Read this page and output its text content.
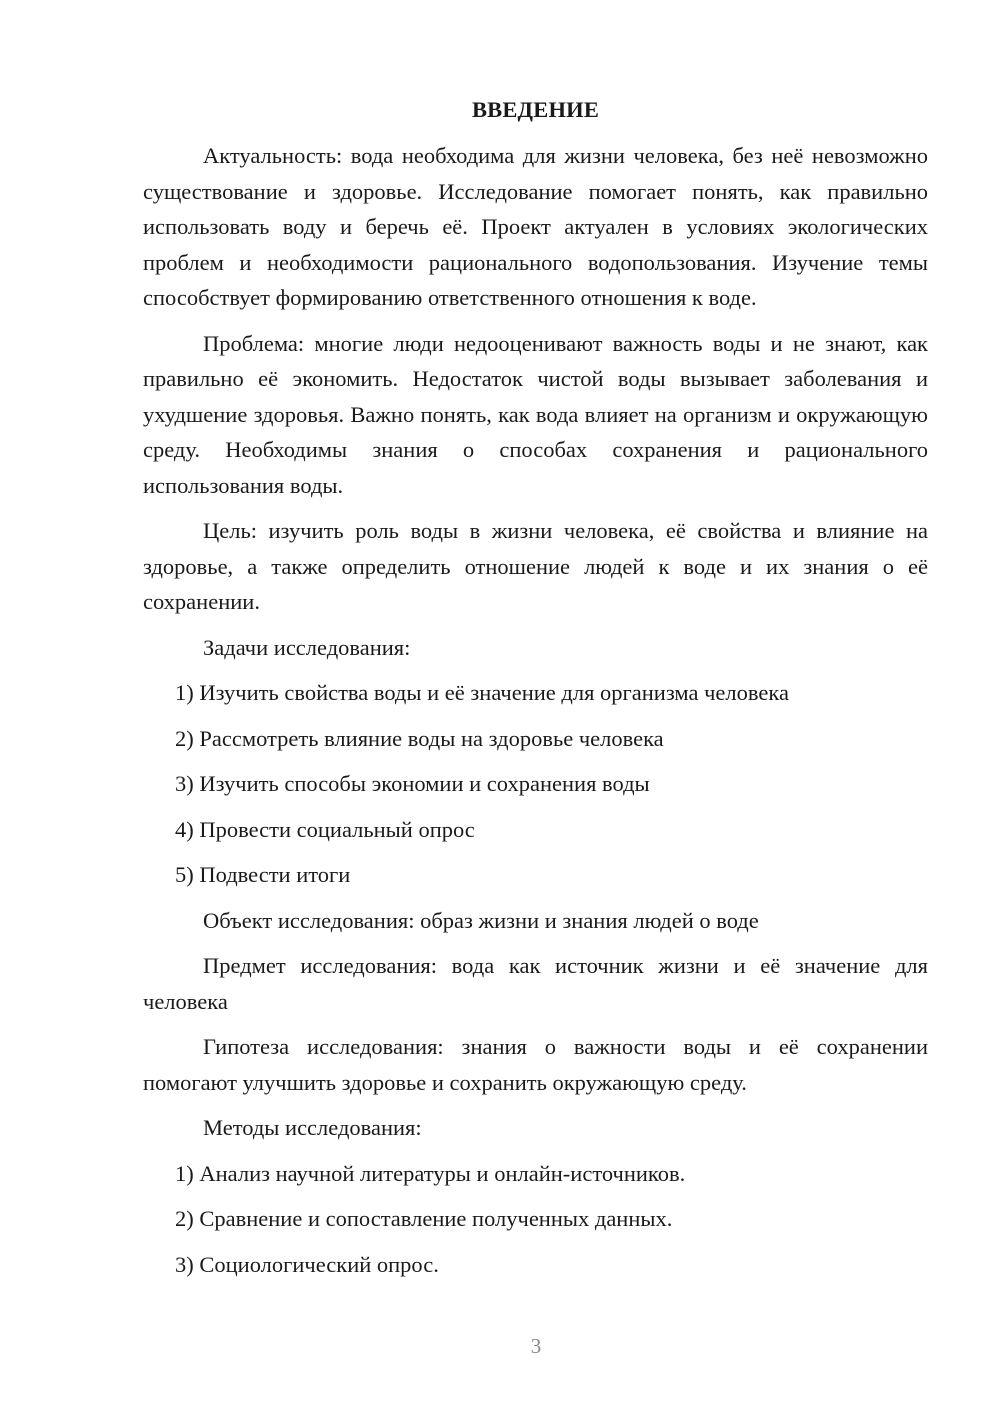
ВВЕДЕНИЕ

Актуальность: вода необходима для жизни человека, без неё невозможно существование и здоровье. Исследование помогает понять, как правильно использовать воду и беречь её. Проект актуален в условиях экологических проблем и необходимости рационального водопользования. Изучение темы способствует формированию ответственного отношения к воде.

Проблема: многие люди недооценивают важность воды и не знают, как правильно её экономить. Недостаток чистой воды вызывает заболевания и ухудшение здоровья. Важно понять, как вода влияет на организм и окружающую среду. Необходимы знания о способах сохранения и рационального использования воды.

Цель: изучить роль воды в жизни человека, её свойства и влияние на здоровье, а также определить отношение людей к воде и их знания о её сохранении.

Задачи исследования:
1) Изучить свойства воды и её значение для организма человека
2) Рассмотреть влияние воды на здоровье человека
3) Изучить способы экономии и сохранения воды
4) Провести социальный опрос
5) Подвести итоги
Объект исследования: образ жизни и знания людей о воде

Предмет исследования: вода как источник жизни и её значение для человека

Гипотеза исследования: знания о важности воды и её сохранении помогают улучшить здоровье и сохранить окружающую среду.

Методы исследования:
1) Анализ научной литературы и онлайн-источников.
2) Сравнение и сопоставление полученных данных.
3) Социологический опрос.
3
